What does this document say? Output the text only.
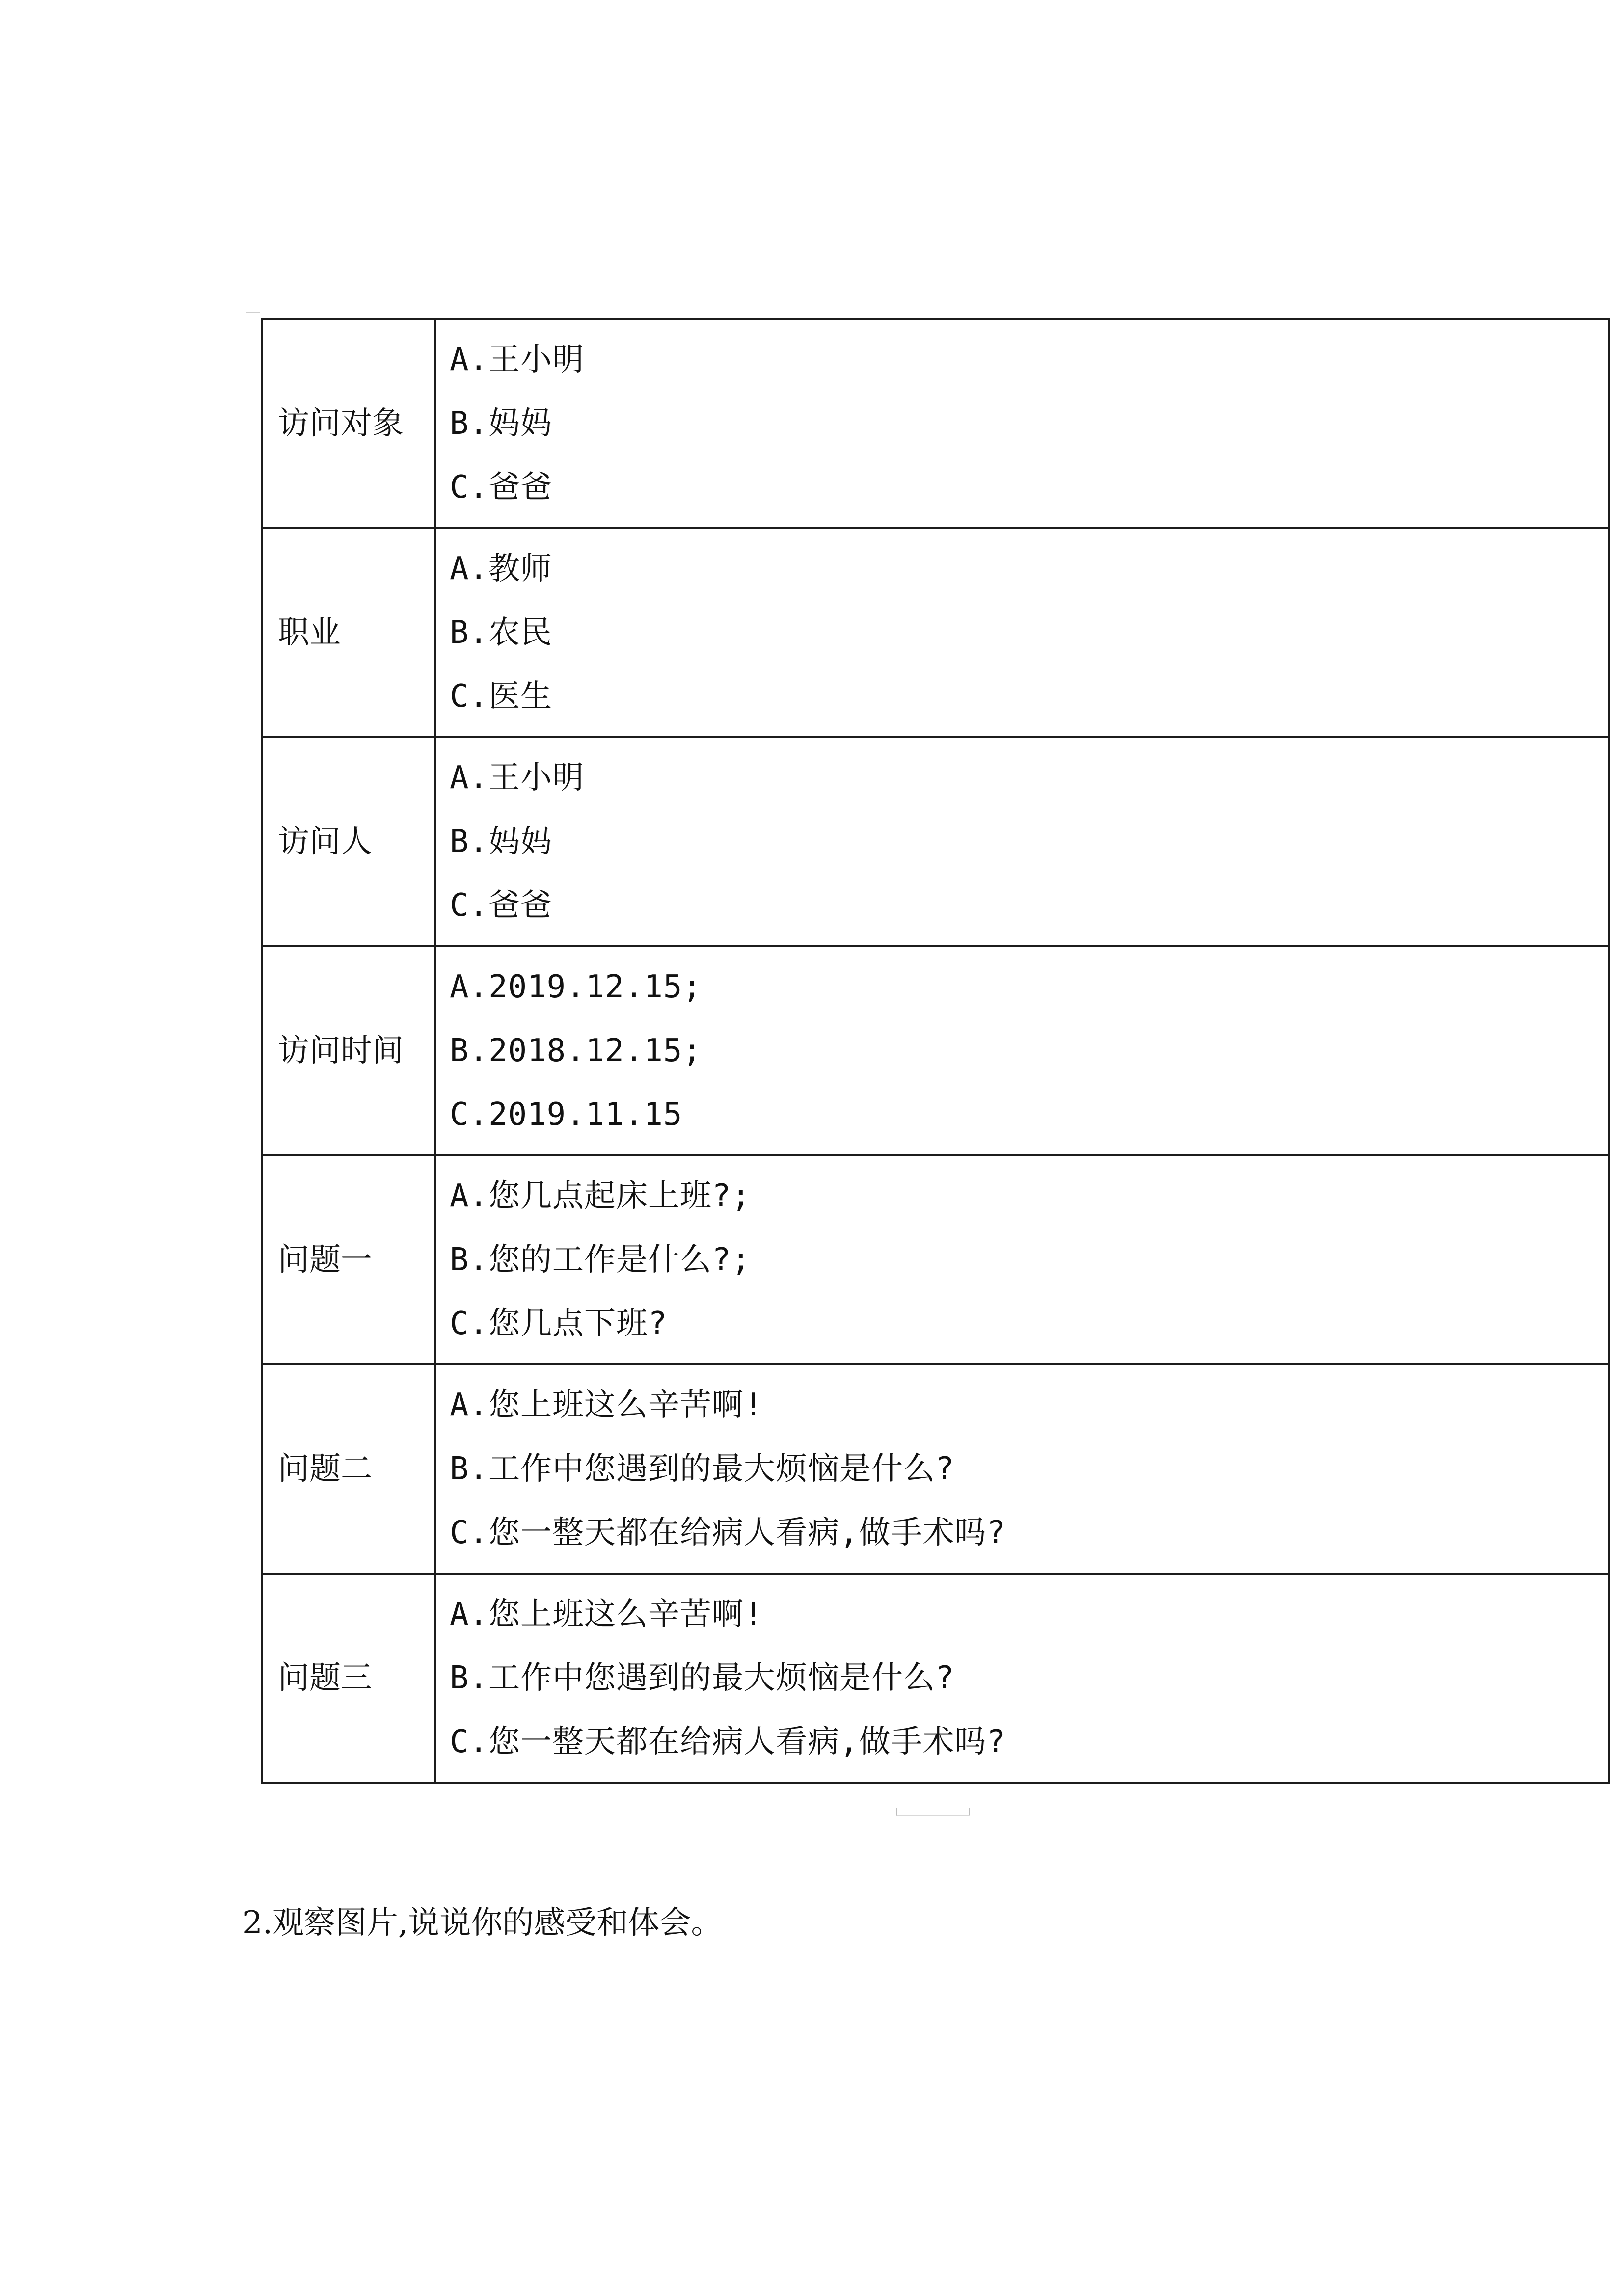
访问对象	A.王小明
B.妈妈
C.爸爸

职业	A.教师
B.农民
C.医生

访问人	A.王小明
B.妈妈
C.爸爸

访问时间	A.2019.12.15;
B.2018.12.15;
C.2019.11.15

问题一	A.您几点起床上班?;
B.您的工作是什么?;
C.您几点下班?

问题二	A.您上班这么辛苦啊!
B.工作中您遇到的最大烦恼是什么?
C.您一整天都在给病人看病,做手术吗?

问题三	A.您上班这么辛苦啊!
B.工作中您遇到的最大烦恼是什么?
C.您一整天都在给病人看病,做手术吗?
2.观察图片,说说你的感受和体会。
